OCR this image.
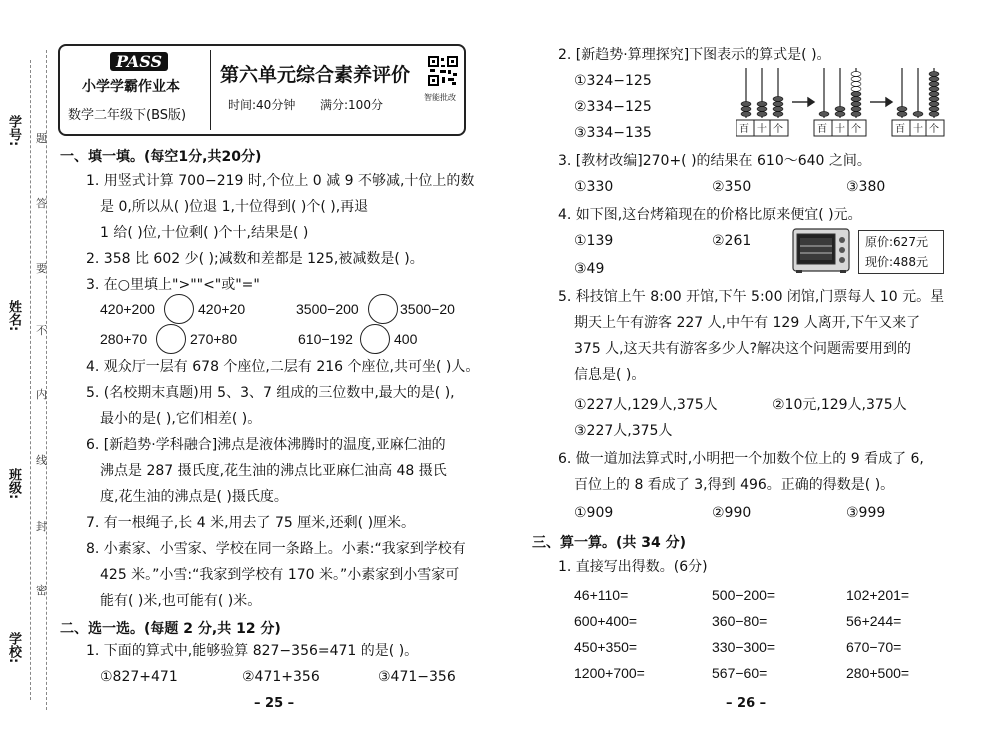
学号:
姓名:
班级:
学校:
题
答
要
不
内
线
封
密
PASS
小学学霸作业本
数学二年级下(BS版)
第六单元综合素养评价
时间:40分钟 满分:100分
智能批改
一、填一填。(每空1分,共20分)
1. 用竖式计算 700−219 时,个位上 0 减 9 不够减,十位上的数
是 0,所以从( )位退 1,十位得到( )个( ),再退
1 给( )位,十位剩( )个十,结果是( )
2. 358 比 602 少( );减数和差都是 125,被减数是( )。
3. 在○里填上">""<"或"="
420+200	420+20	3500−200	3500−20
280+70	270+80	610−192	400
4. 观众厅一层有 678 个座位,二层有 216 个座位,共可坐( )人。
5. (名校期末真题)用 5、3、7 组成的三位数中,最大的是( ),
最小的是( ),它们相差( )。
6. [新趋势·学科融合]沸点是液体沸腾时的温度,亚麻仁油的
沸点是 287 摄氏度,花生油的沸点比亚麻仁油高 48 摄氏
度,花生油的沸点是( )摄氏度。
7. 有一根绳子,长 4 米,用去了 75 厘米,还剩( )厘米。
8. 小素家、小雪家、学校在同一条路上。小素:“我家到学校有
425 米。”小雪:“我家到学校有 170 米。”小素家到小雪家可
能有( )米,也可能有( )米。
二、选一选。(每题 2 分,共 12 分)
1. 下面的算式中,能够验算 827−356=471 的是( )。
①827+471	②471+356	③471−356
– 25 –
2. [新趋势·算理探究]下图表示的算式是( )。
①324−125
②334−125
③334−135	百 十 个	百 十 个	百 十 个
3. [教材改编]270+( )的结果在 610～640 之间。
①330	②350	③380
4. 如下图,这台烤箱现在的价格比原来便宜( )元。
①139	②261
③49
原价:627元
现价:488元
5. 科技馆上午 8:00 开馆,下午 5:00 闭馆,门票每人 10 元。星
期天上午有游客 227 人,中午有 129 人离开,下午又来了
375 人,这天共有游客多少人?解决这个问题需要用到的
信息是( )。
①227人,129人,375人	②10元,129人,375人
③227人,375人
6. 做一道加法算式时,小明把一个加数个位上的 9 看成了 6,
百位上的 8 看成了 3,得到 496。正确的得数是( )。
①909	②990	③999
三、算一算。(共 34 分)
1. 直接写出得数。(6分)
46+110=	500−200=	102+201=
600+400=	360−80=	56+244=
450+350=	330−300=	670−70=
1200+700=	567−60=	280+500=
– 26 –
